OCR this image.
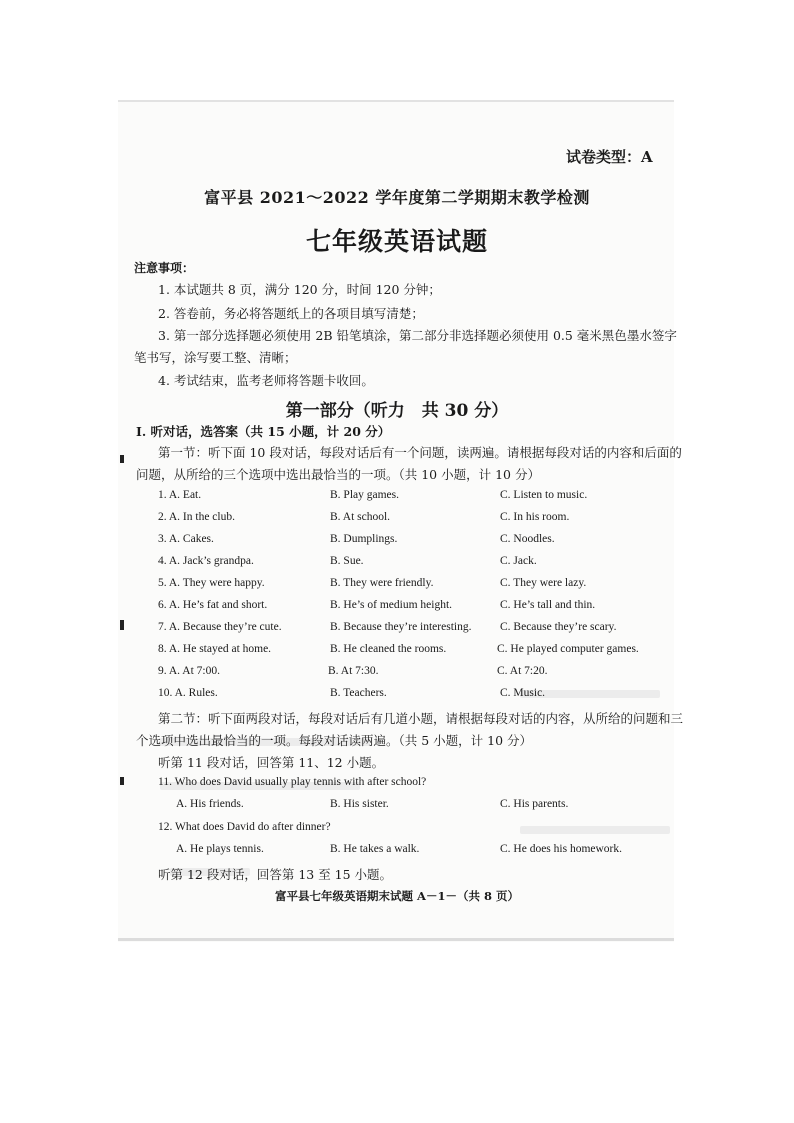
试卷类型：A
富平县 2021～2022 学年度第二学期期末教学检测
七年级英语试题
注意事项：
1. 本试题共 8 页，满分 120 分，时间 120 分钟；
2. 答卷前，务必将答题纸上的各项目填写清楚；
3. 第一部分选择题必须使用 2B 铅笔填涂，第二部分非选择题必须使用 0.5 毫米黑色墨水签字
笔书写，涂写要工整、清晰；
4. 考试结束，监考老师将答题卡收回。
第一部分（听力　共 30 分）
Ⅰ. 听对话，选答案（共 15 小题，计 20 分）
第一节：听下面 10 段对话，每段对话后有一个问题，读两遍。请根据每段对话的内容和后面的
问题，从所给的三个选项中选出最恰当的一项。（共 10 小题，计 10 分）
1. A. Eat.	B. Play games.	C. Listen to music.
2. A. In the club.	B. At school.	C. In his room.
3. A. Cakes.	B. Dumplings.	C. Noodles.
4. A. Jack’s grandpa.	B. Sue.	C. Jack.
5. A. They were happy.	B. They were friendly.	C. They were lazy.
6. A. He’s fat and short.	B. He’s of medium height.	C. He’s tall and thin.
7. A. Because they’re cute.	B. Because they’re interesting. C. Because they’re scary.
8. A. He stayed at home.	B. He cleaned the rooms.	C. He played computer games.
9. A. At 7:00.	B. At 7:30.	C. At 7:20.
10. A. Rules.	B. Teachers.	C. Music.
第二节：听下面两段对话，每段对话后有几道小题，请根据每段对话的内容，从所给的问题和三
个选项中选出最恰当的一项。每段对话读两遍。（共 5 小题，计 10 分）
听第 11 段对话，回答第 11、12 小题。
11. Who does David usually play tennis with after school?
A. His friends.	B. His sister.	C. His parents.
12. What does David do after dinner?
A. He plays tennis.	B. He takes a walk.	C. He does his homework.
听第 12 段对话，回答第 13 至 15 小题。
富平县七年级英语期末试题 A－1－（共 8 页）
